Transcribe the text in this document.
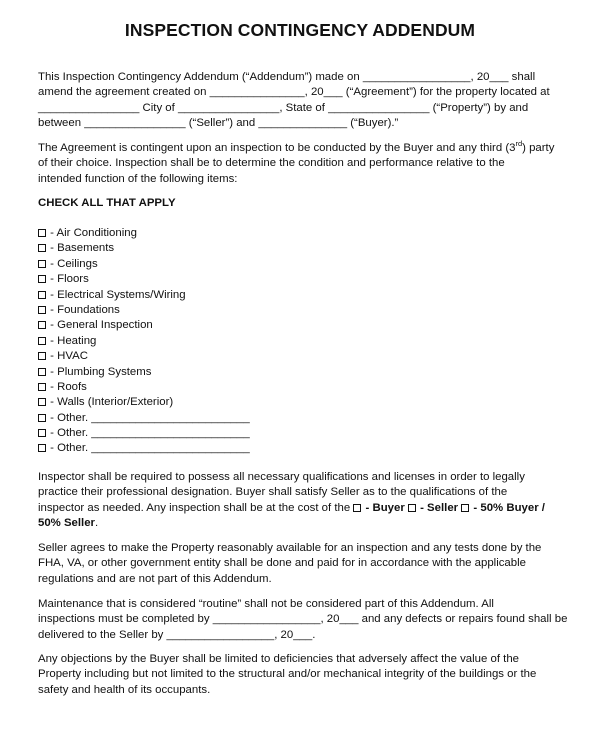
INSPECTION CONTINGENCY ADDENDUM

This Inspection Contingency Addendum (“Addendum”) made on _________________, 20___ shall

amend the agreement created on _______________, 20___ (“Agreement”) for the property located at

________________ City of ________________, State of ________________ (“Property”) by and

between ________________ (“Seller”) and ______________ (“Buyer).”

The Agreement is contingent upon an inspection to be conducted by the Buyer and any third (3rd) party

of their choice. Inspection shall be to determine the condition and performance relative to the

intended function of the following items:

CHECK ALL THAT APPLY
- Air Conditioning
- Basements
- Ceilings
- Floors
- Electrical Systems/Wiring
- Foundations
- General Inspection
- Heating
- HVAC
- Plumbing Systems
- Roofs
- Walls (Interior/Exterior)
- Other. _________________________
- Other. _________________________
- Other. _________________________

Inspector shall be required to possess all necessary qualifications and licenses in order to legally

practice their professional designation. Buyer shall satisfy Seller as to the qualifications of the

inspector as needed. Any inspection shall be at the cost of the  - Buyer  - Seller  - 50% Buyer /

50% Seller.

Seller agrees to make the Property reasonably available for an inspection and any tests done by the

FHA, VA, or other government entity shall be done and paid for in accordance with the applicable

regulations and are not part of this Addendum.

Maintenance that is considered “routine” shall not be considered part of this Addendum. All

inspections must be completed by _________________, 20___ and any defects or repairs found shall be

delivered to the Seller by _________________, 20___.

Any objections by the Buyer shall be limited to deficiencies that adversely affect the value of the

Property including but not limited to the structural and/or mechanical integrity of the buildings or the

safety and health of its occupants.
